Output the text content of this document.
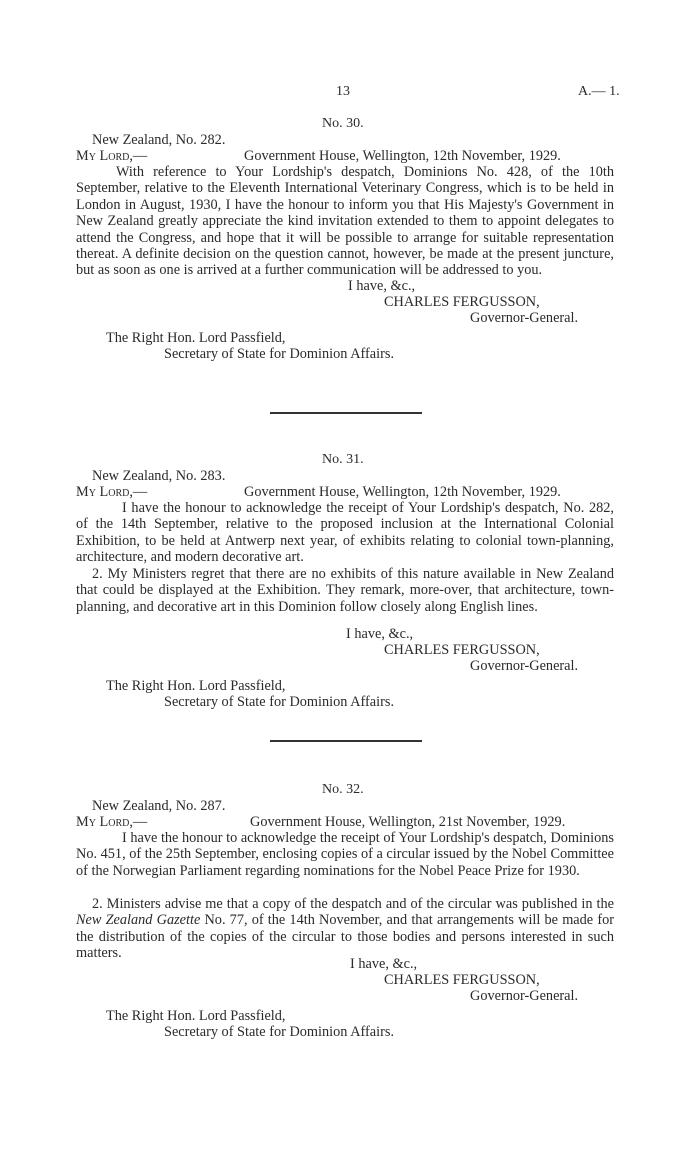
13	A.— 1.
No. 30.
New Zealand, No. 282.
My Lord,—	Government House, Wellington, 12th November, 1929.
With reference to Your Lordship's despatch, Dominions No. 428, of the 10th September, relative to the Eleventh International Veterinary Congress, which is to be held in London in August, 1930, I have the honour to inform you that His Majesty's Government in New Zealand greatly appreciate the kind invitation extended to them to appoint delegates to attend the Congress, and hope that it will be possible to arrange for suitable representation thereat. A definite decision on the question cannot, however, be made at the present juncture, but as soon as one is arrived at a further communication will be addressed to you.
I have, &c.,
CHARLES FERGUSSON,
Governor-General.
The Right Hon. Lord Passfield,
Secretary of State for Dominion Affairs.
No. 31.
New Zealand, No. 283.
My Lord,—	Government House, Wellington, 12th November, 1929.
I have the honour to acknowledge the receipt of Your Lordship's despatch, No. 282, of the 14th September, relative to the proposed inclusion at the International Colonial Exhibition, to be held at Antwerp next year, of exhibits relating to colonial town-planning, architecture, and modern decorative art.
2. My Ministers regret that there are no exhibits of this nature available in New Zealand that could be displayed at the Exhibition. They remark, more-over, that architecture, town-planning, and decorative art in this Dominion follow closely along English lines.
I have, &c.,
CHARLES FERGUSSON,
Governor-General.
The Right Hon. Lord Passfield,
Secretary of State for Dominion Affairs.
No. 32.
New Zealand, No. 287.
My Lord,—	Government House, Wellington, 21st November, 1929.
I have the honour to acknowledge the receipt of Your Lordship's despatch, Dominions No. 451, of the 25th September, enclosing copies of a circular issued by the Nobel Committee of the Norwegian Parliament regarding nominations for the Nobel Peace Prize for 1930.
2. Ministers advise me that a copy of the despatch and of the circular was published in the New Zealand Gazette No. 77, of the 14th November, and that arrangements will be made for the distribution of the copies of the circular to those bodies and persons interested in such matters.
I have, &c.,
CHARLES FERGUSSON,
Governor-General.
The Right Hon. Lord Passfield,
Secretary of State for Dominion Affairs.
